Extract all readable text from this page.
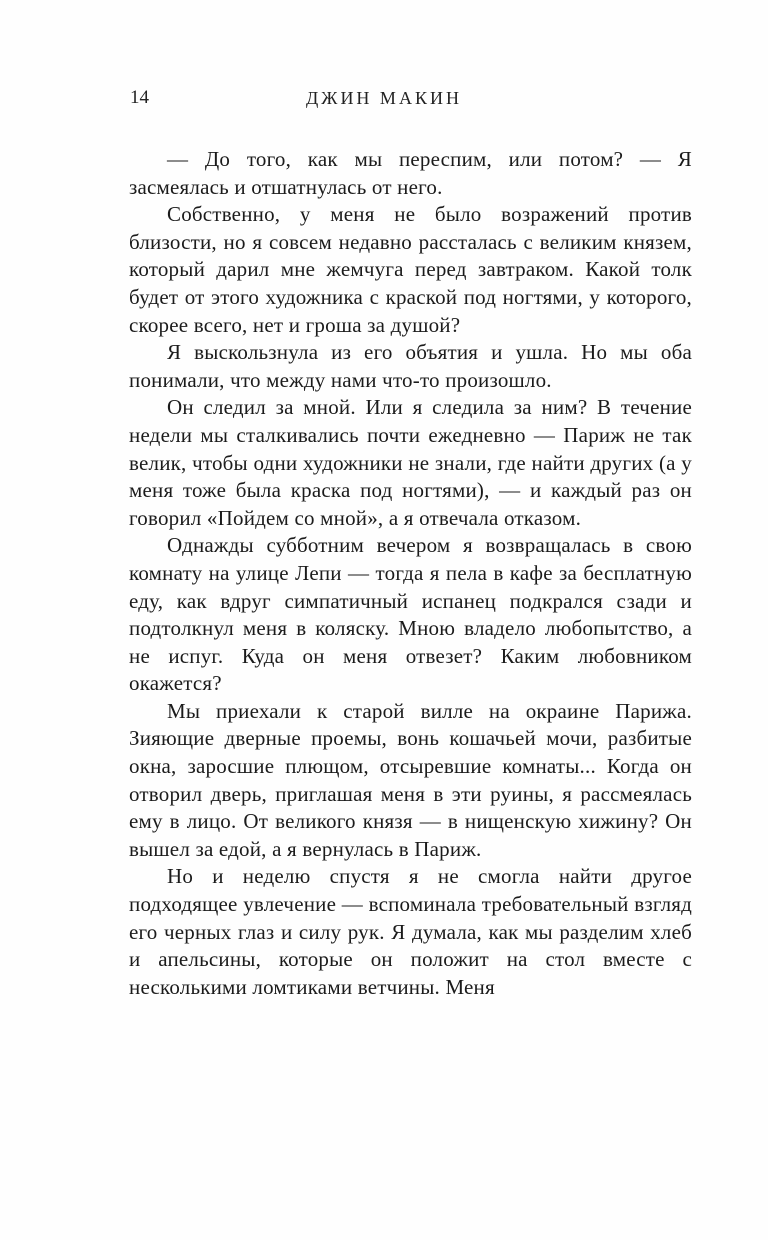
14	ДЖИН МАКИН

— До того, как мы переспим, или потом? — Я засмеялась и отшатнулась от него.

Собственно, у меня не было возражений против близости, но я совсем недавно рассталась с великим князем, который дарил мне жемчуга перед завтраком. Какой толк будет от этого художника с краской под ногтями, у которого, скорее всего, нет и гроша за душой?

Я выскользнула из его объятия и ушла. Но мы оба понимали, что между нами что-то произошло.

Он следил за мной. Или я следила за ним? В течение недели мы сталкивались почти ежедневно — Париж не так велик, чтобы одни художники не знали, где найти других (а у меня тоже была краска под ногтями), — и каждый раз он говорил «Пойдем со мной», а я отвечала отказом.

Однажды субботним вечером я возвращалась в свою комнату на улице Лепи — тогда я пела в кафе за бесплатную еду, как вдруг симпатичный испанец подкрался сзади и подтолкнул меня в коляску. Мною владело любопытство, а не испуг. Куда он меня отвезет? Каким любовником окажется?

Мы приехали к старой вилле на окраине Парижа. Зияющие дверные проемы, вонь кошачьей мочи, разбитые окна, заросшие плющом, отсыревшие комнаты... Когда он отворил дверь, приглашая меня в эти руины, я рассмеялась ему в лицо. От великого князя — в нищенскую хижину? Он вышел за едой, а я вернулась в Париж.

Но и неделю спустя я не смогла найти другое подходящее увлечение — вспоминала требовательный взгляд его черных глаз и силу рук. Я думала, как мы разделим хлеб и апельсины, которые он положит на стол вместе с несколькими ломтиками ветчины. Меня
